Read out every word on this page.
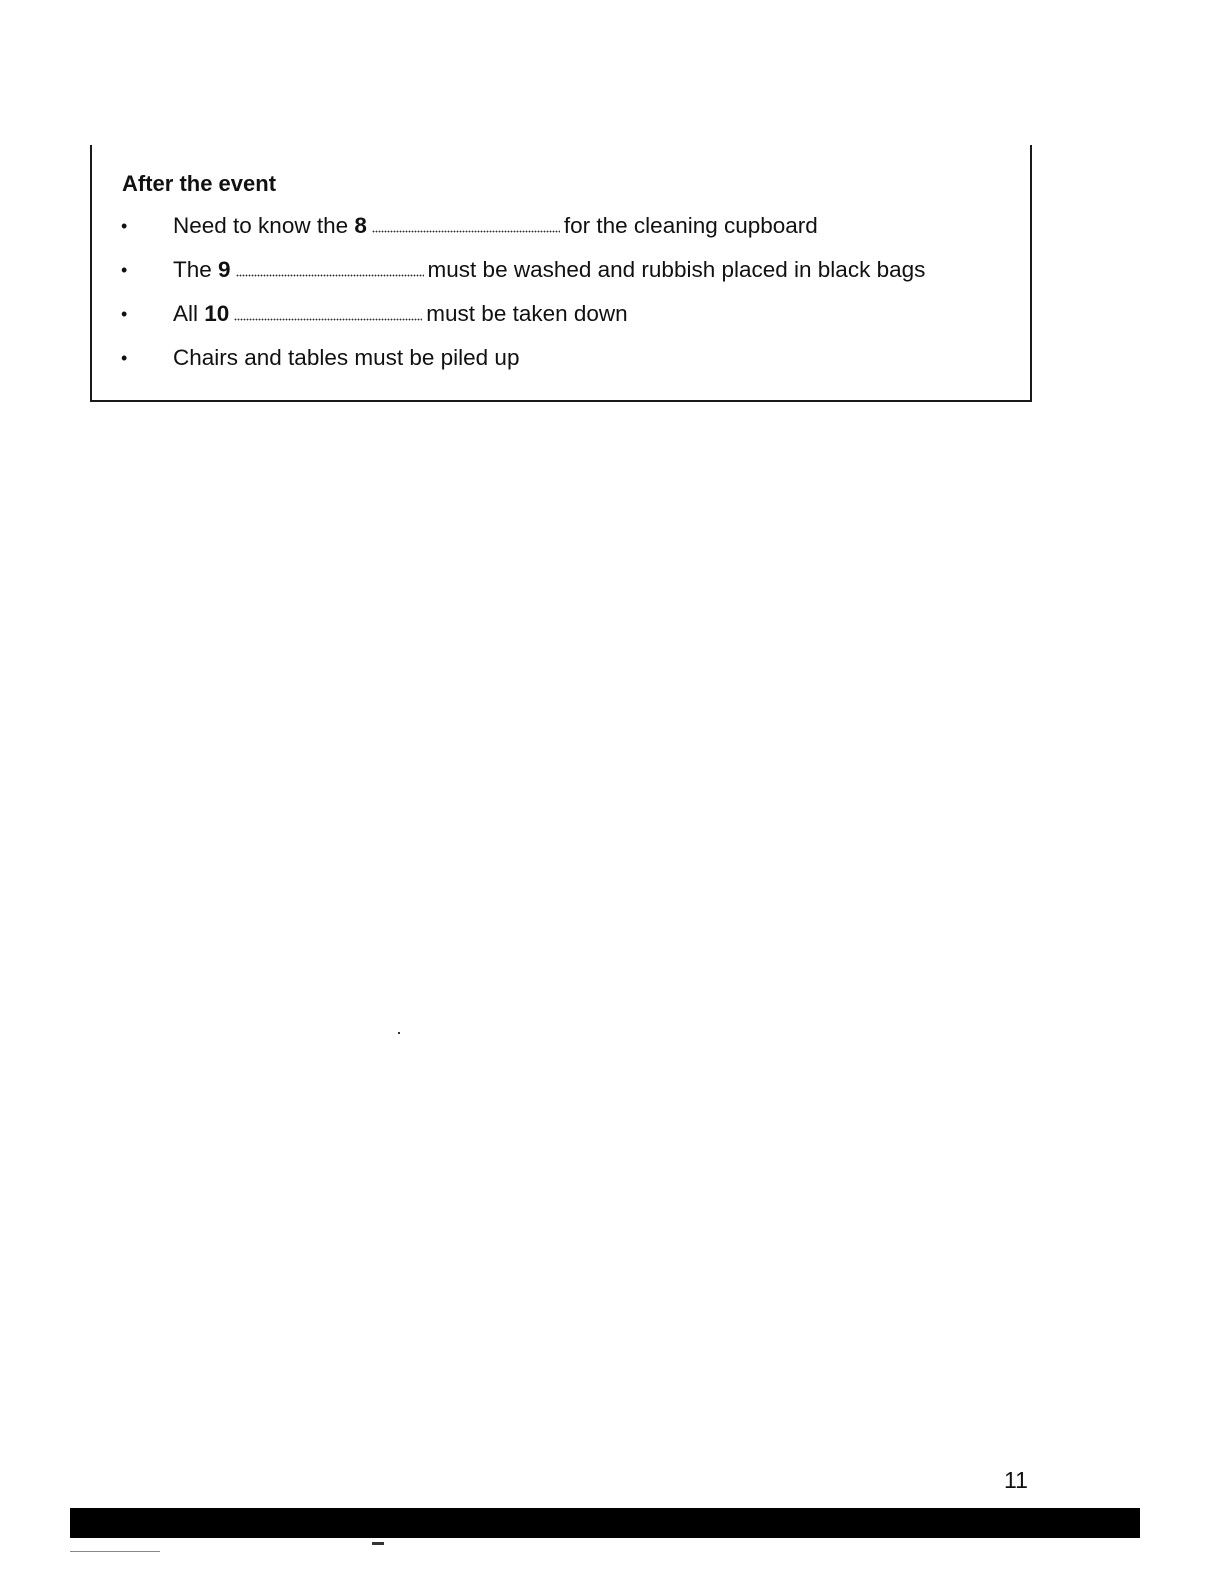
After the event
• Need to know the 8	for the cleaning cupboard
• The 9	must be washed and rubbish placed in black bags
• All 10	must be taken down
• Chairs and tables must be piled up
11
